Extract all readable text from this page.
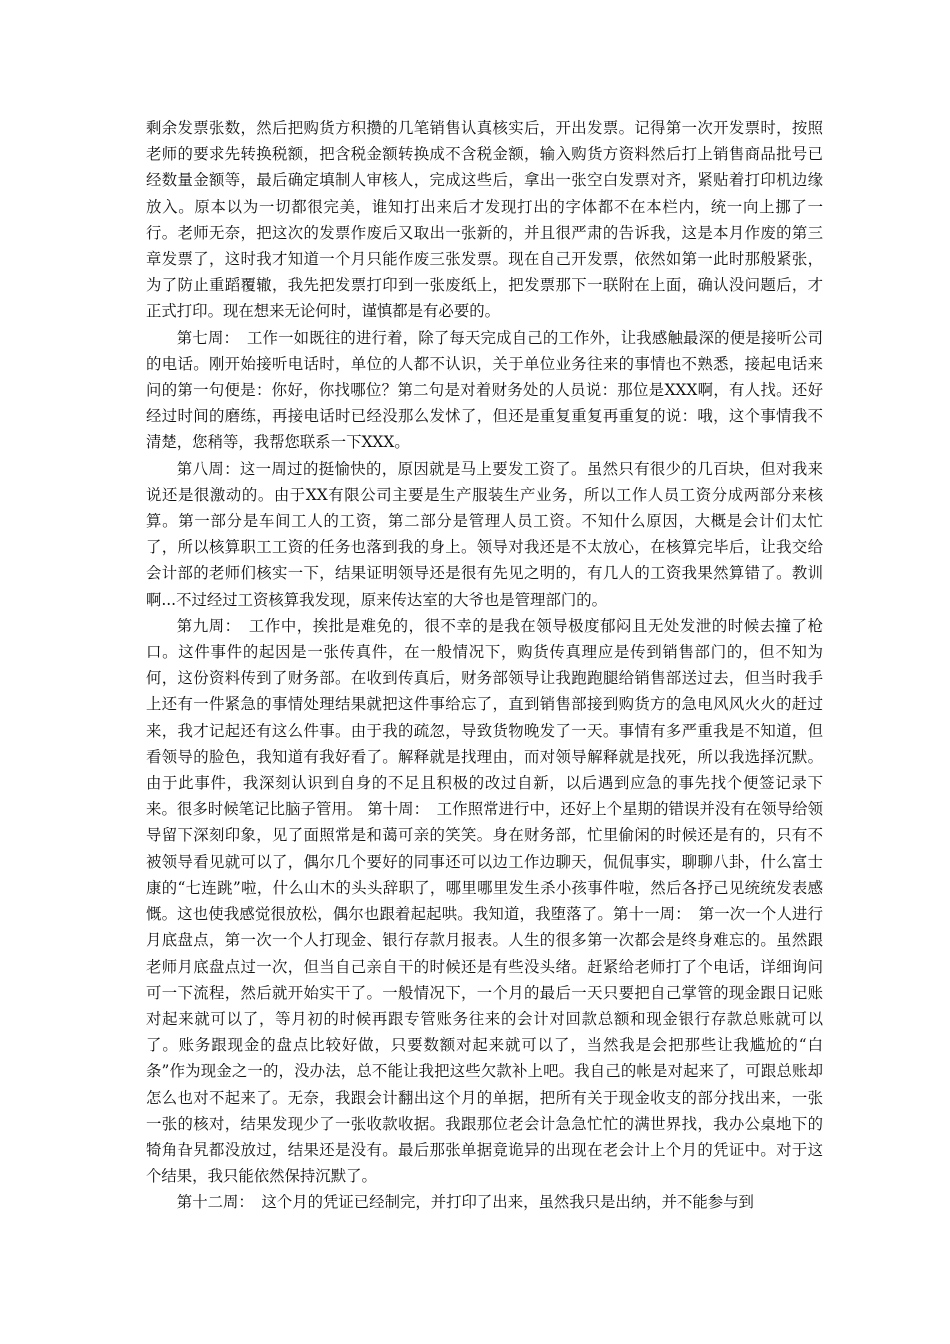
剩余发票张数，然后把购货方积攒的几笔销售认真核实后，开出发票。记得第一次开发票时，按照老师的要求先转换税额，把含税金额转换成不含税金额，输入购货方资料然后打上销售商品批号已经数量金额等，最后确定填制人审核人，完成这些后，拿出一张空白发票对齐，紧贴着打印机边缘放入。原本以为一切都很完美，谁知打出来后才发现打出的字体都不在本栏内，统一向上挪了一行。老师无奈，把这次的发票作废后又取出一张新的，并且很严肃的告诉我，这是本月作废的第三章发票了，这时我才知道一个月只能作废三张发票。现在自己开发票，依然如第一此时那般紧张，为了防止重蹈覆辙，我先把发票打印到一张废纸上，把发票那下一联附在上面，确认没问题后，才正式打印。现在想来无论何时，谨慎都是有必要的。

第七周：　工作一如既往的进行着，除了每天完成自己的工作外，让我感触最深的便是接听公司的电话。刚开始接听电话时，单位的人都不认识，关于单位业务往来的事情也不熟悉，接起电话来问的第一句便是：你好，你找哪位？第二句是对着财务处的人员说：那位是XXX啊，有人找。还好经过时间的磨练，再接电话时已经没那么发怵了，但还是重复重复再重复的说：哦，这个事情我不清楚，您稍等，我帮您联系一下XXX。

第八周：这一周过的挺愉快的，原因就是马上要发工资了。虽然只有很少的几百块，但对我来说还是很激动的。由于XX有限公司主要是生产服装生产业务，所以工作人员工资分成两部分来核算。第一部分是车间工人的工资，第二部分是管理人员工资。不知什么原因，大概是会计们太忙了，所以核算职工工资的任务也落到我的身上。领导对我还是不太放心，在核算完毕后，让我交给会计部的老师们核实一下，结果证明领导还是很有先见之明的，有几人的工资我果然算错了。教训啊...不过经过工资核算我发现，原来传达室的大爷也是管理部门的。

第九周：　工作中，挨批是难免的，很不幸的是我在领导极度郁闷且无处发泄的时候去撞了枪口。这件事件的起因是一张传真件，在一般情况下，购货传真理应是传到销售部门的，但不知为何，这份资料传到了财务部。在收到传真后，财务部领导让我跑跑腿给销售部送过去，但当时我手上还有一件紧急的事情处理结果就把这件事给忘了，直到销售部接到购货方的急电风风火火的赶过来，我才记起还有这么件事。由于我的疏忽，导致货物晚发了一天。事情有多严重我是不知道，但看领导的脸色，我知道有我好看了。解释就是找理由，而对领导解释就是找死，所以我选择沉默。由于此事件，我深刻认识到自身的不足且积极的改过自新，以后遇到应急的事先找个便签记录下来。很多时候笔记比脑子管用。 第十周：　工作照常进行中，还好上个星期的错误并没有在领导给领导留下深刻印象，见了面照常是和蔼可亲的笑笑。身在财务部，忙里偷闲的时候还是有的，只有不被领导看见就可以了，偶尔几个要好的同事还可以边工作边聊天，侃侃事实，聊聊八卦，什么富士康的“七连跳”啦，什么山木的头头辞职了，哪里哪里发生杀小孩事件啦，然后各抒己见统统发表感慨。这也使我感觉很放松，偶尔也跟着起起哄。我知道，我堕落了。第十一周：　第一次一个人进行月底盘点，第一次一个人打现金、银行存款月报表。人生的很多第一次都会是终身难忘的。虽然跟老师月底盘点过一次，但当自己亲自干的时候还是有些没头绪。赶紧给老师打了个电话，详细询问可一下流程，然后就开始实干了。一般情况下，一个月的最后一天只要把自己掌管的现金跟日记账对起来就可以了，等月初的时候再跟专管账务往来的会计对回款总额和现金银行存款总账就可以了。账务跟现金的盘点比较好做，只要数额对起来就可以了，当然我是会把那些让我尴尬的“白条”作为现金之一的，没办法，总不能让我把这些欠款补上吧。我自己的帐是对起来了，可跟总账却怎么也对不起来了。无奈，我跟会计翻出这个月的单据，把所有关于现金收支的部分找出来，一张一张的核对，结果发现少了一张收款收据。我跟那位老会计急急忙忙的满世界找，我办公桌地下的犄角旮旯都没放过，结果还是没有。最后那张单据竟诡异的出现在老会计上个月的凭证中。对于这个结果，我只能依然保持沉默了。

第十二周：　这个月的凭证已经制完，并打印了出来，虽然我只是出纳，并不能参与到
